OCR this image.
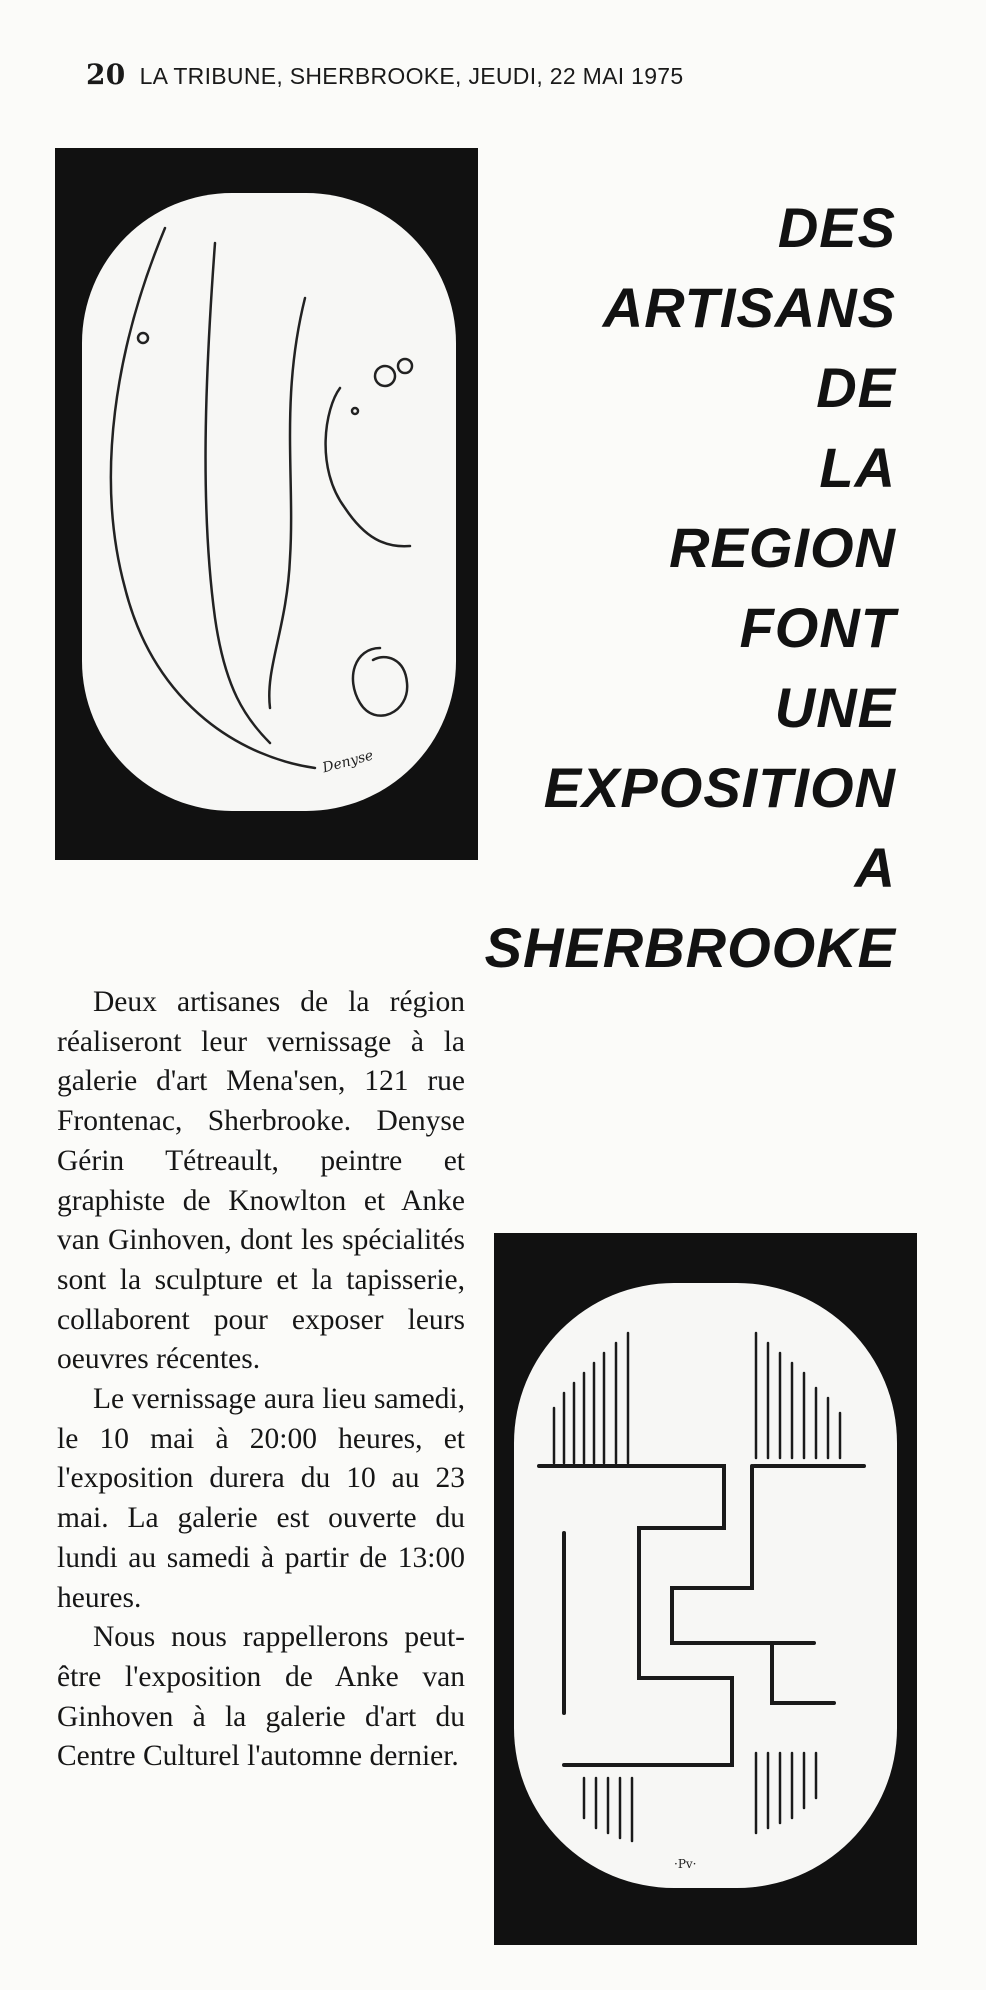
20 LA TRIBUNE, SHERBROOKE, JEUDI, 22 MAI 1975
Denyse
DES
ARTISANS
DE
LA
REGION
FONT
UNE
EXPOSITION
A
SHERBROOKE

Deux artisanes de la région réaliseront leur vernissage à la galerie d'art Mena'sen, 121 rue Frontenac, Sherbrooke. Denyse Gérin Tétreault, peintre et graphiste de Knowlton et Anke van Ginhoven, dont les spécialités sont la sculpture et la tapisserie, collaborent pour exposer leurs oeuvres récentes.

Le vernissage aura lieu samedi, le 10 mai à 20:00 heures, et l'exposition durera du 10 au 23 mai. La galerie est ouverte du lundi au samedi à partir de 13:00 heures.

Nous nous rappellerons peut-être l'exposition de Anke van Ginhoven à la galerie d'art du Centre Culturel l'automne dernier.

·Pv·
